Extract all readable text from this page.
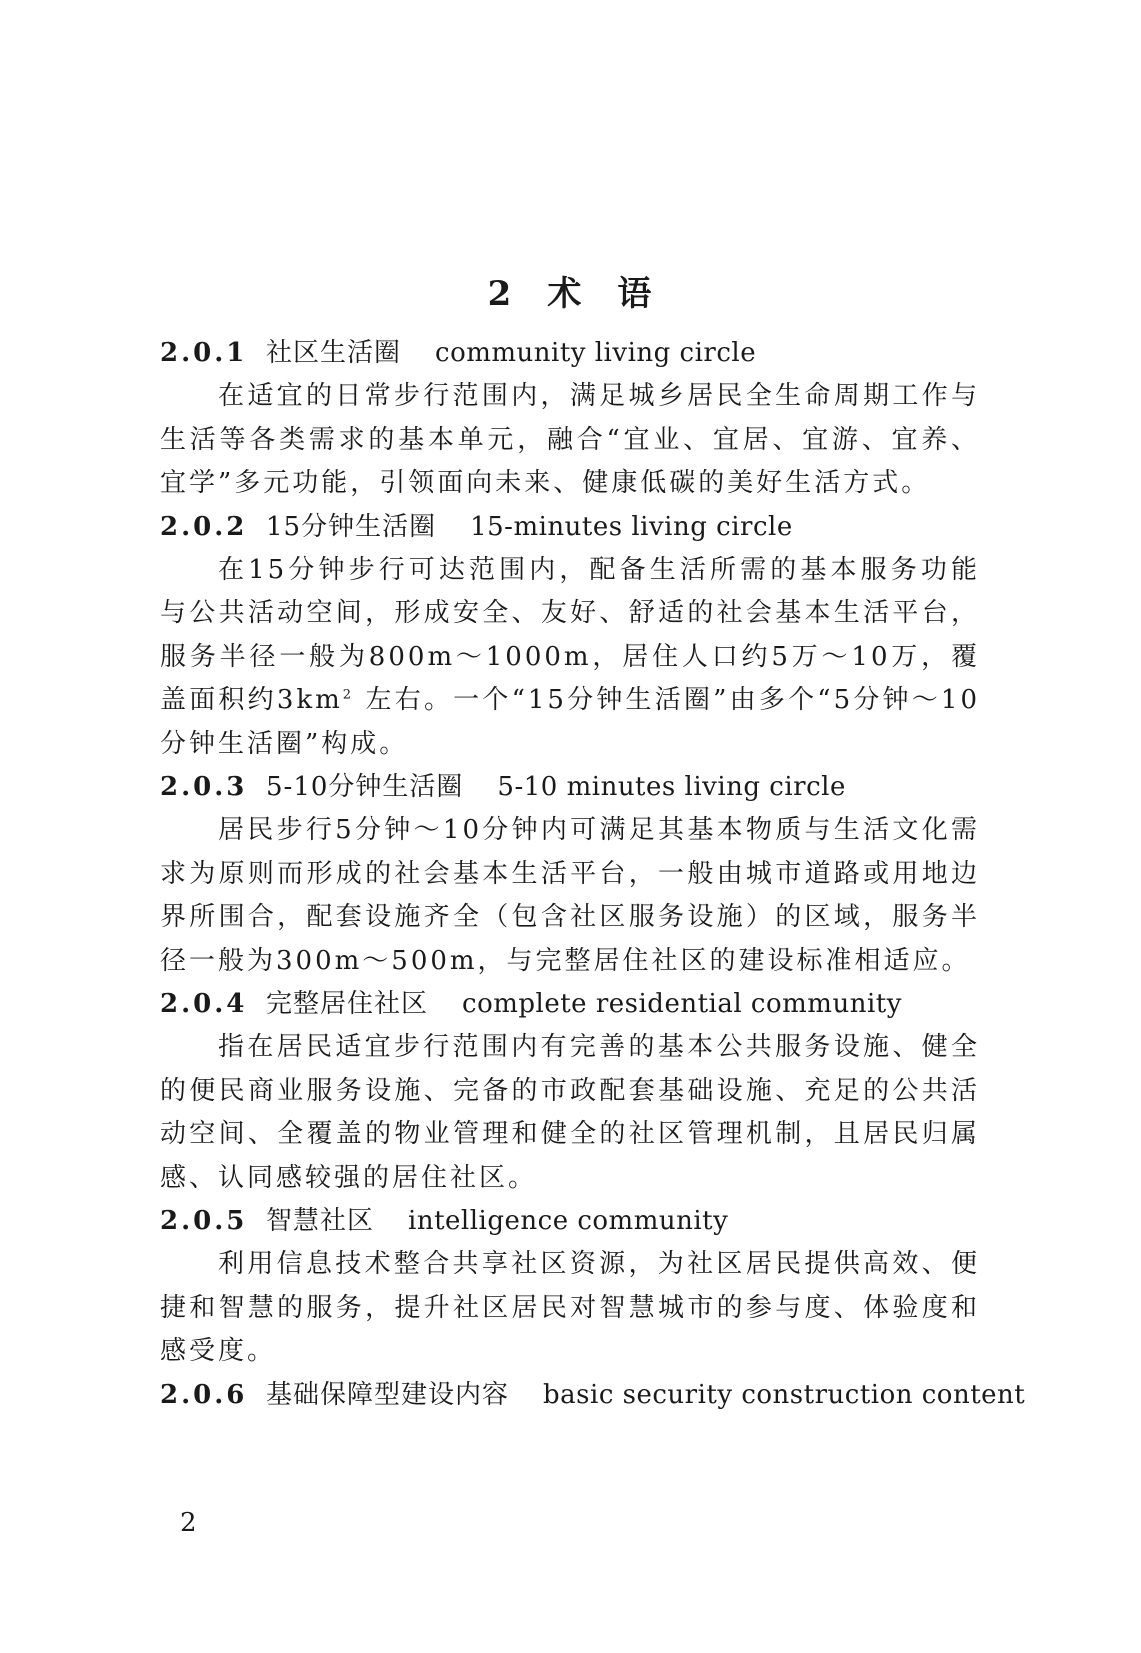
2 术 语
2.0.1 社区生活圈 community living circle

在适宜的日常步行范围内，满足城乡居民全生命周期工作与生活等各类需求的基本单元，融合“宜业、宜居、宜游、宜养、宜学”多元功能，引领面向未来、健康低碳的美好生活方式。

2.0.2 15分钟生活圈 15-minutes living circle

在15分钟步行可达范围内，配备生活所需的基本服务功能与公共活动空间，形成安全、友好、舒适的社会基本生活平台，服务半径一般为800m～1000m，居住人口约5万～10万，覆盖面积约$3km^2$ 左右。一个“15分钟生活圈”由多个“5分钟～10分钟生活圈”构成。

2.0.3 5-10分钟生活圈 5-10 minutes living circle

居民步行5分钟～10分钟内可满足其基本物质与生活文化需求为原则而形成的社会基本生活平台，一般由城市道路或用地边界所围合，配套设施齐全（包含社区服务设施）的区域，服务半径一般为300m～500m，与完整居住社区的建设标准相适应。

2.0.4 完整居住社区 complete residential community

指在居民适宜步行范围内有完善的基本公共服务设施、健全的便民商业服务设施、完备的市政配套基础设施、充足的公共活动空间、全覆盖的物业管理和健全的社区管理机制，且居民归属感、认同感较强的居住社区。

2.0.5 智慧社区 intelligence community

利用信息技术整合共享社区资源，为社区居民提供高效、便捷和智慧的服务，提升社区居民对智慧城市的参与度、体验度和感受度。

2.0.6 基础保障型建设内容 basic security construction content
2
